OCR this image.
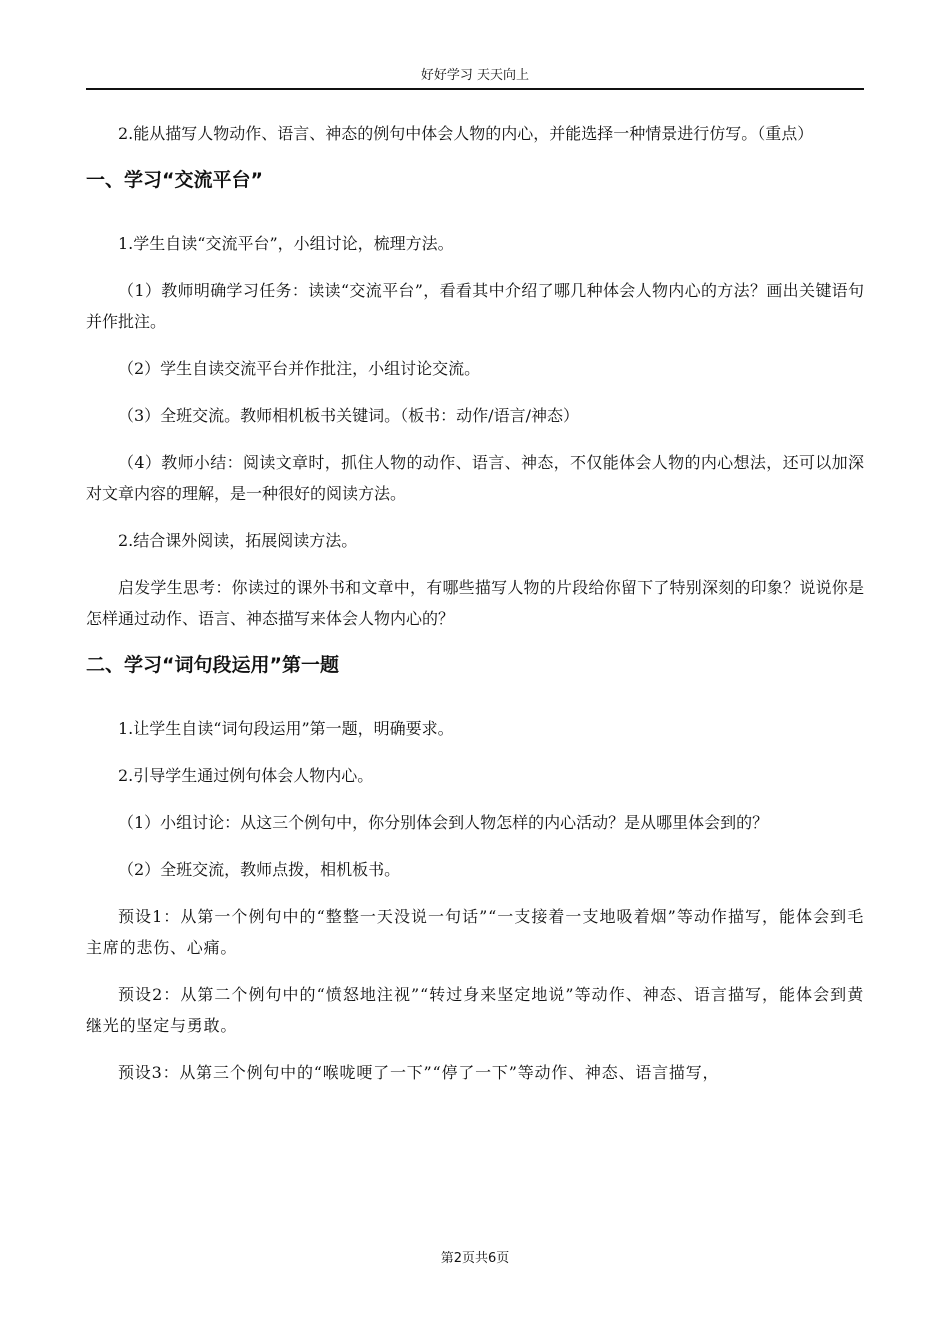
好好学习 天天向上

2.能从描写人物动作、语言、神态的例句中体会人物的内心，并能选择一种情景进行仿写。（重点）

一、学习“交流平台”

1.学生自读“交流平台”，小组讨论，梳理方法。

（1）教师明确学习任务：读读“交流平台”，看看其中介绍了哪几种体会人物内心的方法？画出关键语句并作批注。

（2）学生自读交流平台并作批注，小组讨论交流。

（3）全班交流。教师相机板书关键词。（板书：动作/语言/神态）

（4）教师小结：阅读文章时，抓住人物的动作、语言、神态，不仅能体会人物的内心想法，还可以加深对文章内容的理解，是一种很好的阅读方法。

2.结合课外阅读，拓展阅读方法。

启发学生思考：你读过的课外书和文章中，有哪些描写人物的片段给你留下了特别深刻的印象？说说你是怎样通过动作、语言、神态描写来体会人物内心的？

二、学习“词句段运用”第一题

1.让学生自读“词句段运用”第一题，明确要求。

2.引导学生通过例句体会人物内心。

（1）小组讨论：从这三个例句中，你分别体会到人物怎样的内心活动？是从哪里体会到的？

（2）全班交流，教师点拨，相机板书。

预设1：从第一个例句中的“整整一天没说一句话”“一支接着一支地吸着烟”等动作描写，能体会到毛主席的悲伤、心痛。

预设2：从第二个例句中的“愤怒地注视”“转过身来坚定地说”等动作、神态、语言描写，能体会到黄继光的坚定与勇敢。

预设3：从第三个例句中的“喉咙哽了一下”“停了一下”等动作、神态、语言描写，

第2页共6页
